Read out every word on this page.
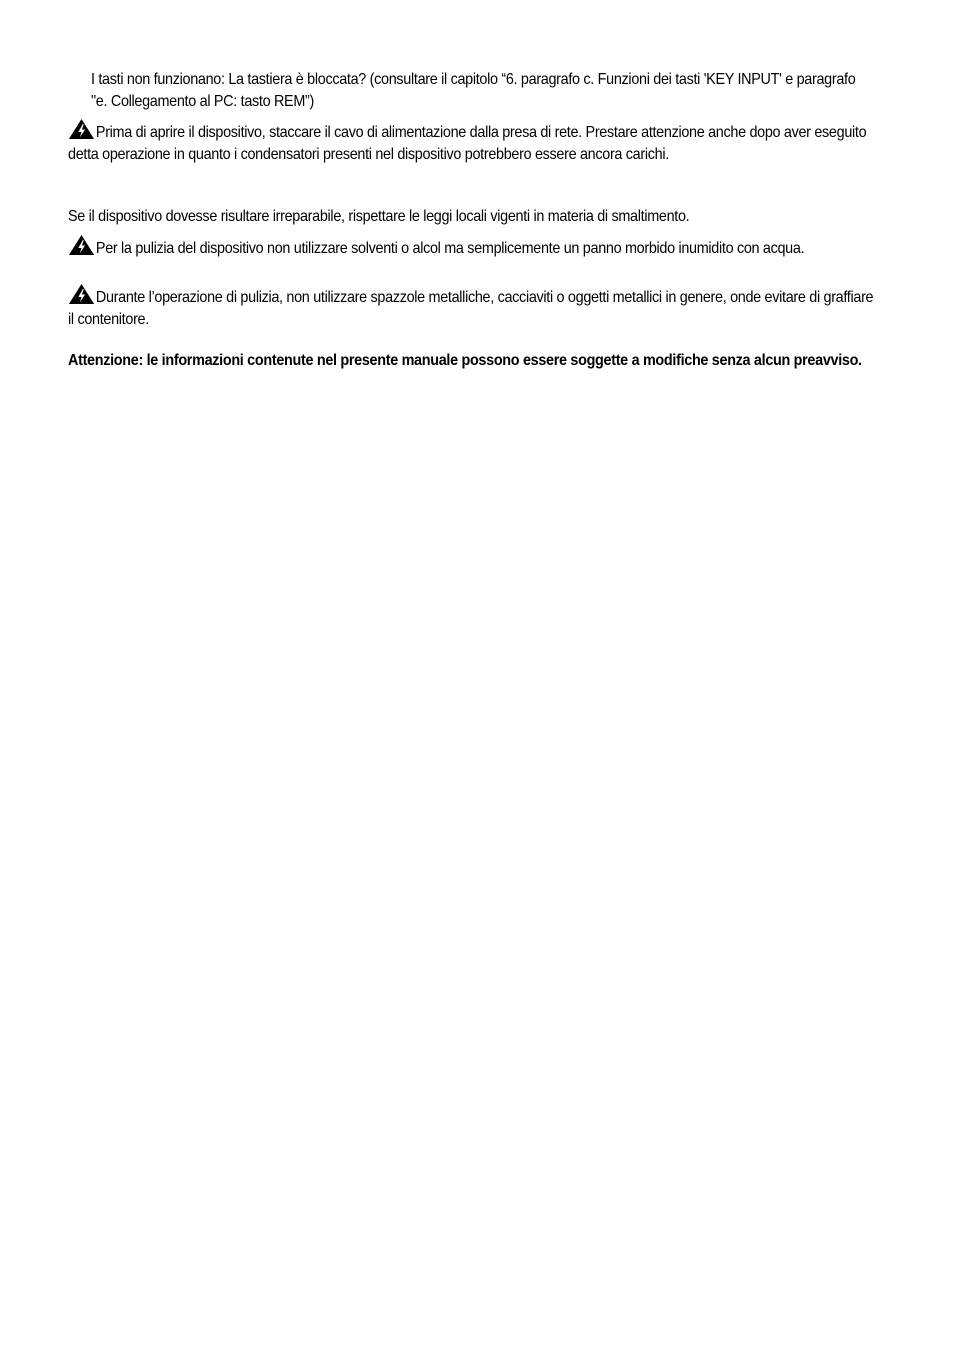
I tasti non funzionano: La tastiera è bloccata? (consultare il capitolo “6. paragrafo c. Funzioni dei tasti 'KEY INPUT' e paragrafo "e. Collegamento al PC: tasto REM”)
Prima di aprire il dispositivo, staccare il cavo di alimentazione dalla presa di rete. Prestare attenzione anche dopo aver eseguito detta operazione in quanto i condensatori presenti nel dispositivo potrebbero essere ancora carichi.
Se il dispositivo dovesse risultare irreparabile, rispettare le leggi locali vigenti in materia di smaltimento.
Per la pulizia del dispositivo non utilizzare solventi o alcol ma semplicemente un panno morbido inumidito con acqua.
Durante l’operazione di pulizia, non utilizzare spazzole metalliche, cacciaviti o oggetti metallici in genere, onde evitare di graffiare il contenitore.
Attenzione: le informazioni contenute nel presente manuale possono essere soggette a modifiche senza alcun preavviso.
